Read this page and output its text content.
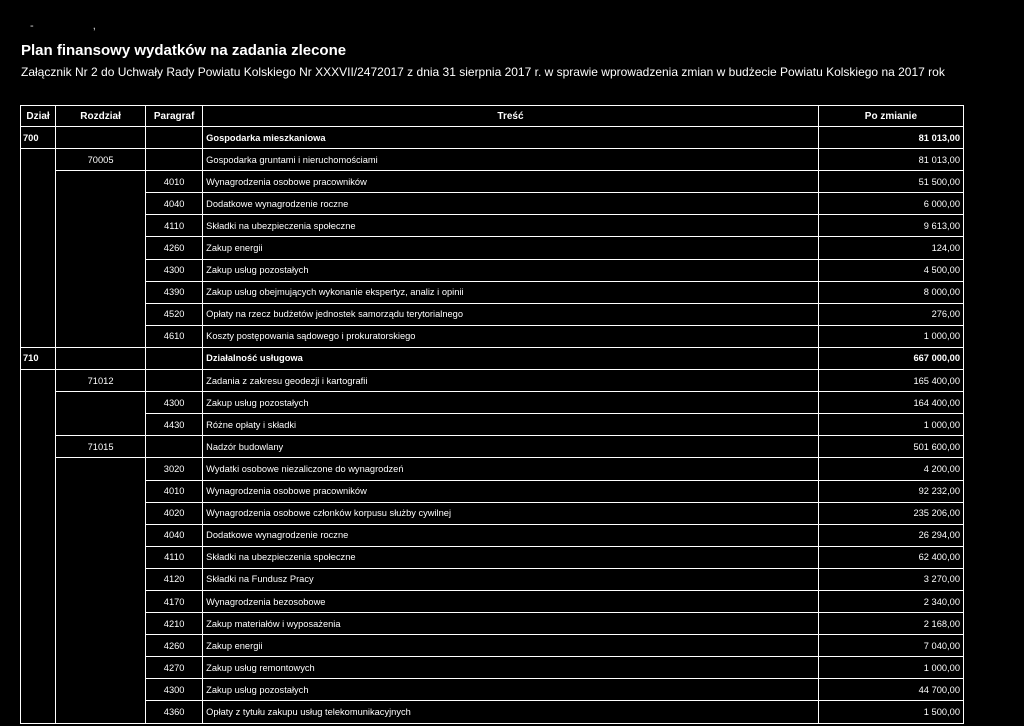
- ,
Plan finansowy wydatków na zadania zlecone
Załącznik Nr 2 do Uchwały Rady Powiatu Kolskiego Nr XXXVII/2472017 z dnia 31 sierpnia 2017 r. w sprawie wprowadzenia zmian w budżecie Powiatu Kolskiego na 2017 rok
Dział	Rozdział	Paragraf	Treść	Po zmianie
700			Gospodarka mieszkaniowa	81 013,00
	70005		Gospodarka gruntami i nieruchomościami	81 013,00
		4010	Wynagrodzenia osobowe pracowników	51 500,00
		4040	Dodatkowe wynagrodzenie roczne	6 000,00
		4110	Składki na ubezpieczenia społeczne	9 613,00
		4260	Zakup energii	124,00
		4300	Zakup usług pozostałych	4 500,00
		4390	Zakup usług obejmujących wykonanie ekspertyz, analiz i opinii	8 000,00
		4520	Opłaty na rzecz budżetów jednostek samorządu terytorialnego	276,00
		4610	Koszty postępowania sądowego i prokuratorskiego	1 000,00
710			Działalność usługowa	667 000,00
	71012		Zadania z zakresu geodezji i kartografii	165 400,00
		4300	Zakup usług pozostałych	164 400,00
		4430	Różne opłaty i składki	1 000,00
	71015		Nadzór budowlany	501 600,00
		3020	Wydatki osobowe niezaliczone do wynagrodzeń	4 200,00
		4010	Wynagrodzenia osobowe pracowników	92 232,00
		4020	Wynagrodzenia osobowe członków korpusu służby cywilnej	235 206,00
		4040	Dodatkowe wynagrodzenie roczne	26 294,00
		4110	Składki na ubezpieczenia społeczne	62 400,00
		4120	Składki na Fundusz Pracy	3 270,00
		4170	Wynagrodzenia bezosobowe	2 340,00
		4210	Zakup materiałów i wyposażenia	2 168,00
		4260	Zakup energii	7 040,00
		4270	Zakup usług remontowych	1 000,00
		4300	Zakup usług pozostałych	44 700,00
		4360	Opłaty z tytułu zakupu usług telekomunikacyjnych	1 500,00
